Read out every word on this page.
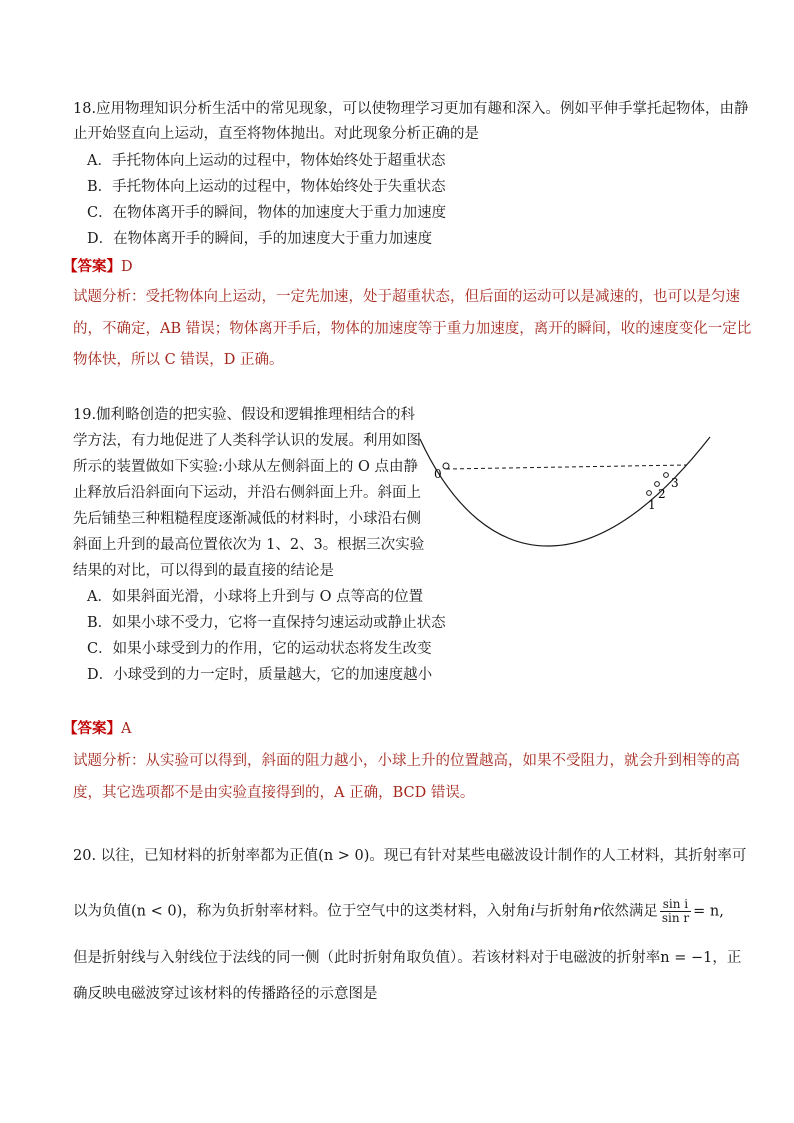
18.应用物理知识分析生活中的常见现象，可以使物理学习更加有趣和深入。例如平伸手掌托起物体，由静
止开始竖直向上运动，直至将物体抛出。对此现象分析正确的是
A．手托物体向上运动的过程中，物体始终处于超重状态
B．手托物体向上运动的过程中，物体始终处于失重状态
C．在物体离开手的瞬间，物体的加速度大于重力加速度
D．在物体离开手的瞬间，手的加速度大于重力加速度
【答案】D
试题分析：受托物体向上运动，一定先加速，处于超重状态，但后面的运动可以是减速的，也可以是匀速
的，不确定，AB 错误；物体离开手后，物体的加速度等于重力加速度，离开的瞬间，收的速度变化一定比
物体快，所以 C 错误，D 正确。
19.伽利略创造的把实验、假设和逻辑推理相结合的科
学方法，有力地促进了人类科学认识的发展。利用如图
所示的装置做如下实验:小球从左侧斜面上的 O 点由静
止释放后沿斜面向下运动，并沿右侧斜面上升。斜面上
先后铺垫三种粗糙程度逐渐减低的材料时，小球沿右侧
斜面上升到的最高位置依次为 1、2、3。根据三次实验
结果的对比，可以得到的最直接的结论是
A．如果斜面光滑，小球将上升到与 O 点等高的位置
B．如果小球不受力，它将一直保持匀速运动或静止状态
C．如果小球受到力的作用，它的运动状态将发生改变
D．小球受到的力一定时，质量越大，它的加速度越小
0
1
2
3
【答案】A
试题分析：从实验可以得到，斜面的阻力越小，小球上升的位置越高，如果不受阻力，就会升到相等的高
度，其它选项都不是由实验直接得到的，A 正确，BCD 错误。
20. 以往，已知材料的折射率都为正值(n > 0)。现已有针对某些电磁波设计制作的人工材料，其折射率可
以为负值(n < 0)，称为负折射率材料。位于空气中的这类材料，入射角i与折射角r依然满足 $\frac{\text{sin i}}{\text{sin r}} = n$,
但是折射线与入射线位于法线的同一侧（此时折射角取负值）。若该材料对于电磁波的折射率n = −1，正
确反映电磁波穿过该材料的传播路径的示意图是
